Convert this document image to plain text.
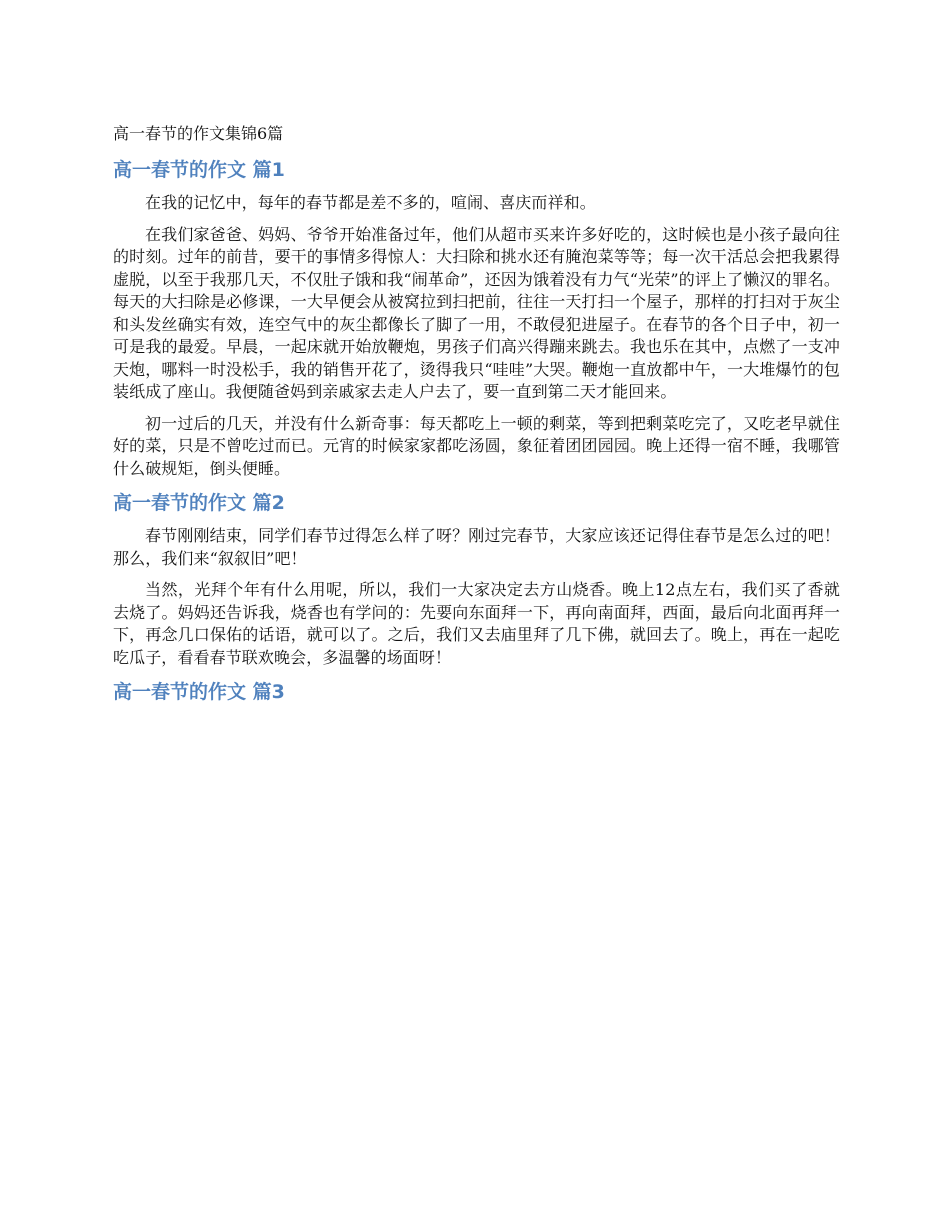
高一春节的作文集锦6篇
高一春节的作文 篇1

在我的记忆中，每年的春节都是差不多的，喧闹、喜庆而祥和。

在我们家爸爸、妈妈、爷爷开始准备过年，他们从超市买来许多好吃的，这时候也是小孩子最向往的时刻。过年的前昔，要干的事情多得惊人：大扫除和挑水还有腌泡菜等等；每一次干活总会把我累得虚脱，以至于我那几天，不仅肚子饿和我“闹革命”，还因为饿着没有力气“光荣”的评上了懒汉的罪名。每天的大扫除是必修课，一大早便会从被窝拉到扫把前，往往一天打扫一个屋子，那样的打扫对于灰尘和头发丝确实有效，连空气中的灰尘都像长了脚了一用，不敢侵犯进屋子。在春节的各个日子中，初一可是我的最爱。早晨，一起床就开始放鞭炮，男孩子们高兴得蹦来跳去。我也乐在其中，点燃了一支冲天炮，哪料一时没松手，我的销售开花了，烫得我只“哇哇”大哭。鞭炮一直放都中午，一大堆爆竹的包装纸成了座山。我便随爸妈到亲戚家去走人户去了，要一直到第二天才能回来。

初一过后的几天，并没有什么新奇事：每天都吃上一顿的剩菜，等到把剩菜吃完了，又吃老早就住好的菜，只是不曾吃过而已。元宵的时候家家都吃汤圆，象征着团团园园。晚上还得一宿不睡，我哪管什么破规矩，倒头便睡。

高一春节的作文 篇2

春节刚刚结束，同学们春节过得怎么样了呀？刚过完春节，大家应该还记得住春节是怎么过的吧！那么，我们来“叙叙旧”吧！

当然，光拜个年有什么用呢，所以，我们一大家决定去方山烧香。晚上12点左右，我们买了香就去烧了。妈妈还告诉我，烧香也有学问的：先要向东面拜一下，再向南面拜，西面，最后向北面再拜一下，再念几口保佑的话语，就可以了。之后，我们又去庙里拜了几下佛，就回去了。晚上，再在一起吃吃瓜子，看看春节联欢晚会，多温馨的场面呀！

高一春节的作文 篇3
